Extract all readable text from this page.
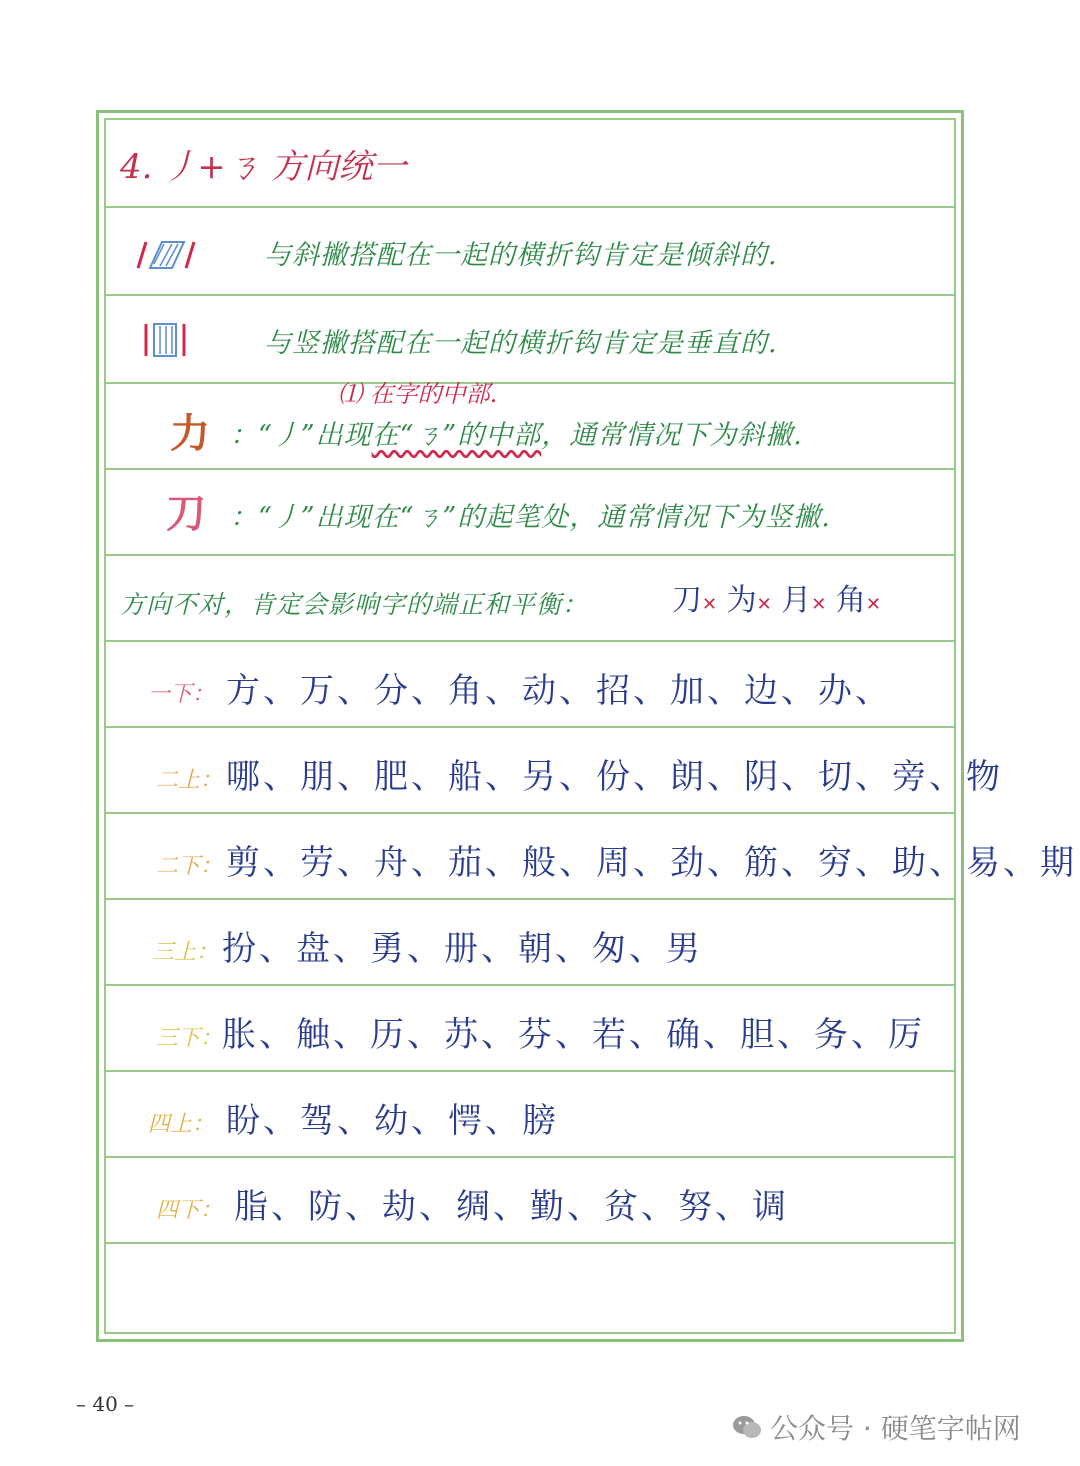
4. 丿+ㄋ 方向统一
与斜撇搭配在一起的横折钩肯定是倾斜的.
与竖撇搭配在一起的横折钩肯定是垂直的.
⑴ 在字的中部.
力 ：“丿”出现在“ㄋ”的中部，通常情况下为斜撇.
刀 ：“丿”出现在“ㄋ”的起笔处，通常情况下为竖撇.
方向不对，肯定会影响字的端正和平衡：	刀✕ 为✕ 月✕ 角✕
一下： 方、万、分、角、动、招、加、边、办、
二上： 哪、朋、肥、船、另、份、朗、阴、切、旁、物
二下： 剪、劳、舟、茄、般、周、劲、筋、穷、助、易、期
三上： 扮、盘、勇、册、朝、匆、男
三下： 胀、触、历、苏、芬、若、确、胆、务、厉
四上： 盼、驾、幼、愕、膀
四下： 脂、防、劫、绸、勤、贫、努、调
– 40 –
公众号 · 硬笔字帖网
